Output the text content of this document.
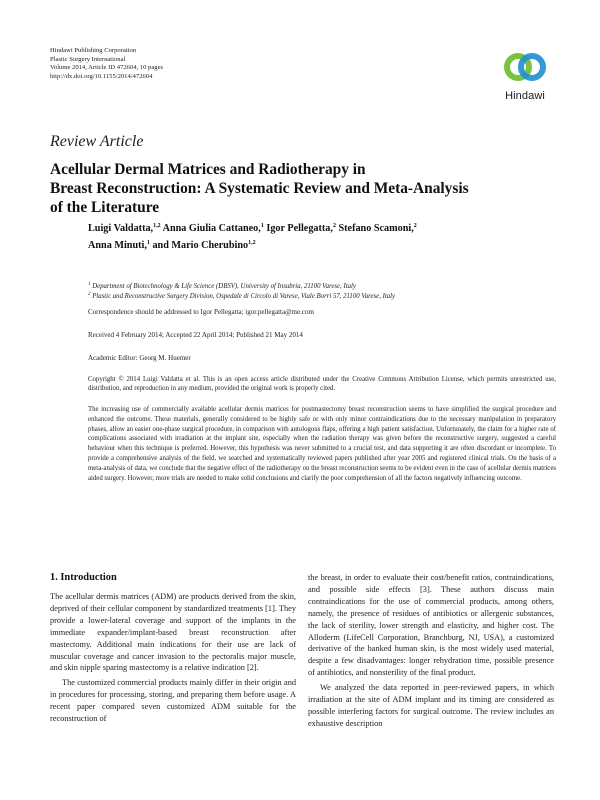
Hindawi Publishing Corporation
Plastic Surgery International
Volume 2014, Article ID 472604, 10 pages
http://dx.doi.org/10.1155/2014/472604
Hindawi
Review Article
Acellular Dermal Matrices and Radiotherapy in
Breast Reconstruction: A Systematic Review and Meta-Analysis
of the Literature
Luigi Valdatta,$^{1,2}$ Anna Giulia Cattaneo,$^1$ Igor Pellegatta,$^2$ Stefano Scamoni,$^2$
Anna Minuti,$^1$ and Mario Cherubino$^{1,2}$
$^1$ Department of Biotechnology & Life Science (DBSV), University of Insubria, 21100 Varese, Italy
$^2$ Plastic and Reconstructive Surgery Division, Ospedale di Circolo di Varese, Viale Borri 57, 21100 Varese, Italy
Correspondence should be addressed to Igor Pellegatta; igor.pellegatta@me.com
Received 4 February 2014; Accepted 22 April 2014; Published 21 May 2014
Academic Editor: Georg M. Huemer
Copyright © 2014 Luigi Valdatta et al. This is an open access article distributed under the Creative Commons Attribution License, which permits unrestricted use, distribution, and reproduction in any medium, provided the original work is properly cited.
The increasing use of commercially available acellular dermis matrices for postmastectomy breast reconstruction seems to have simplified the surgical procedure and enhanced the outcome. These materials, generally considered to be highly safe or with only minor contraindications due to the necessary manipulation in preparatory phases, allow an easier one-phase surgical procedure, in comparison with autologous flaps, offering a high patient satisfaction. Unfortunately, the claim for a higher rate of complications associated with irradiation at the implant site, especially when the radiation therapy was given before the reconstructive surgery, suggested a careful behaviour when this technique is preferred. However, this hypothesis was never submitted to a crucial test, and data supporting it are often discordant or incomplete. To provide a comprehensive analysis of the field, we searched and systematically reviewed papers published after year 2005 and registered clinical trials. On the basis of a meta-analysis of data, we conclude that the negative effect of the radiotherapy on the breast reconstruction seems to be evident even in the case of acellular dermis matrices aided surgery. However, more trials are needed to make solid conclusions and clarify the poor comprehension of all the factors negatively influencing outcome.
1. Introduction

The acellular dermis matrices (ADM) are products derived from the skin, deprived of their cellular component by standardized treatments [1]. They provide a lower-lateral coverage and support of the implants in the immediate expander/implant-based breast reconstruction after mastectomy. Additional main indications for their use are lack of muscular coverage and cancer invasion to the pectoralis major muscle, and skin nipple sparing mastectomy is a relative indication [2].

The customized commercial products mainly differ in their origin and in procedures for processing, storing, and preparing them before usage. A recent paper compared seven customized ADM suitable for the reconstruction of

the breast, in order to evaluate their cost/benefit ratios, contraindications, and possible side effects [3]. These authors discuss main contraindications for the use of commercial products, among others, namely, the presence of residues of antibiotics or allergenic substances, the lack of sterility, lower strength and elasticity, and higher cost. The Alloderm (LifeCell Corporation, Branchburg, NJ, USA), a customized derivative of the banked human skin, is the most widely used material, despite a few disadvantages: longer rehydration time, possible presence of antibiotics, and nonsterility of the final product.

We analyzed the data reported in peer-reviewed papers, in which irradiation at the site of ADM implant and its timing are considered as possible interfering factors for surgical outcome. The review includes an exhaustive description
